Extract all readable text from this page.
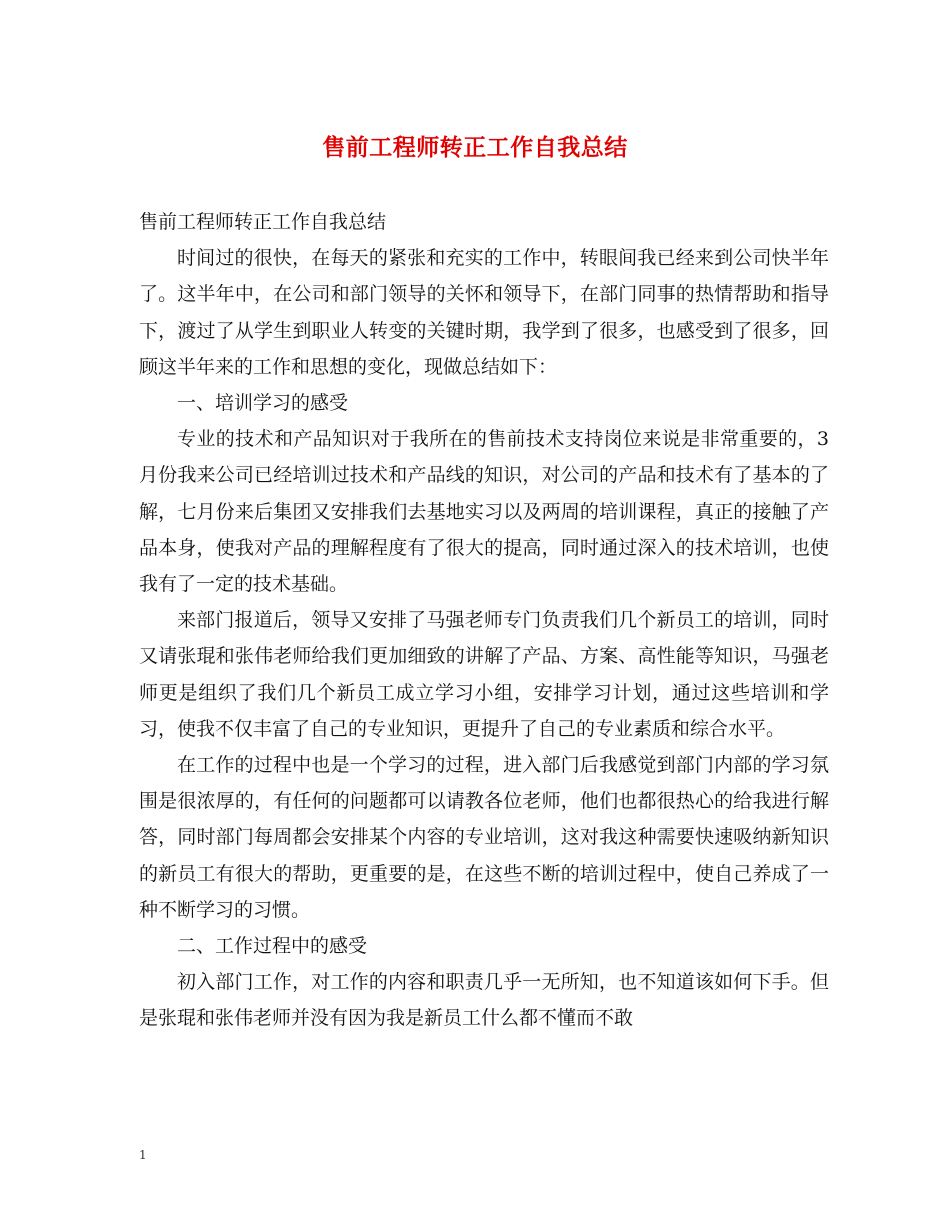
售前工程师转正工作自我总结

售前工程师转正工作自我总结

时间过的很快，在每天的紧张和充实的工作中，转眼间我已经来到公司快半年了。这半年中，在公司和部门领导的关怀和领导下，在部门同事的热情帮助和指导下，渡过了从学生到职业人转变的关键时期，我学到了很多，也感受到了很多，回顾这半年来的工作和思想的变化，现做总结如下：

一、培训学习的感受

专业的技术和产品知识对于我所在的售前技术支持岗位来说是非常重要的，3月份我来公司已经培训过技术和产品线的知识，对公司的产品和技术有了基本的了解，七月份来后集团又安排我们去基地实习以及两周的培训课程，真正的接触了产品本身，使我对产品的理解程度有了很大的提高，同时通过深入的技术培训，也使我有了一定的技术基础。

来部门报道后，领导又安排了马强老师专门负责我们几个新员工的培训，同时又请张琨和张伟老师给我们更加细致的讲解了产品、方案、高性能等知识，马强老师更是组织了我们几个新员工成立学习小组，安排学习计划，通过这些培训和学习，使我不仅丰富了自己的专业知识，更提升了自己的专业素质和综合水平。

在工作的过程中也是一个学习的过程，进入部门后我感觉到部门内部的学习氛围是很浓厚的，有任何的问题都可以请教各位老师，他们也都很热心的给我进行解答，同时部门每周都会安排某个内容的专业培训，这对我这种需要快速吸纳新知识的新员工有很大的帮助，更重要的是，在这些不断的培训过程中，使自己养成了一种不断学习的习惯。

二、工作过程中的感受

初入部门工作，对工作的内容和职责几乎一无所知，也不知道该如何下手。但是张琨和张伟老师并没有因为我是新员工什么都不懂而不敢

1
